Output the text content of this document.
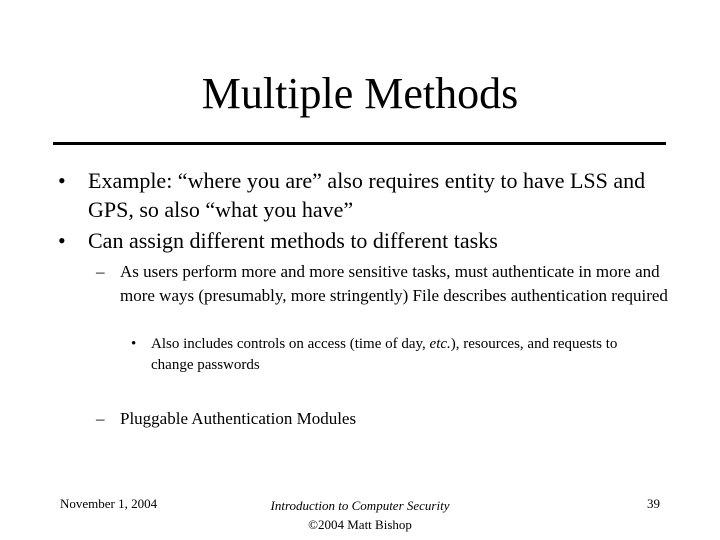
Multiple Methods
• Example: “where you are” also requires entity to have LSS and GPS, so also “what you have”
• Can assign different methods to different tasks
– As users perform more and more sensitive tasks, must authenticate in more and more ways (presumably, more stringently) File describes authentication required
• Also includes controls on access (time of day, etc.), resources, and requests to change passwords
– Pluggable Authentication Modules
November 1, 2004	Introduction to Computer Security
©2004 Matt Bishop
39
